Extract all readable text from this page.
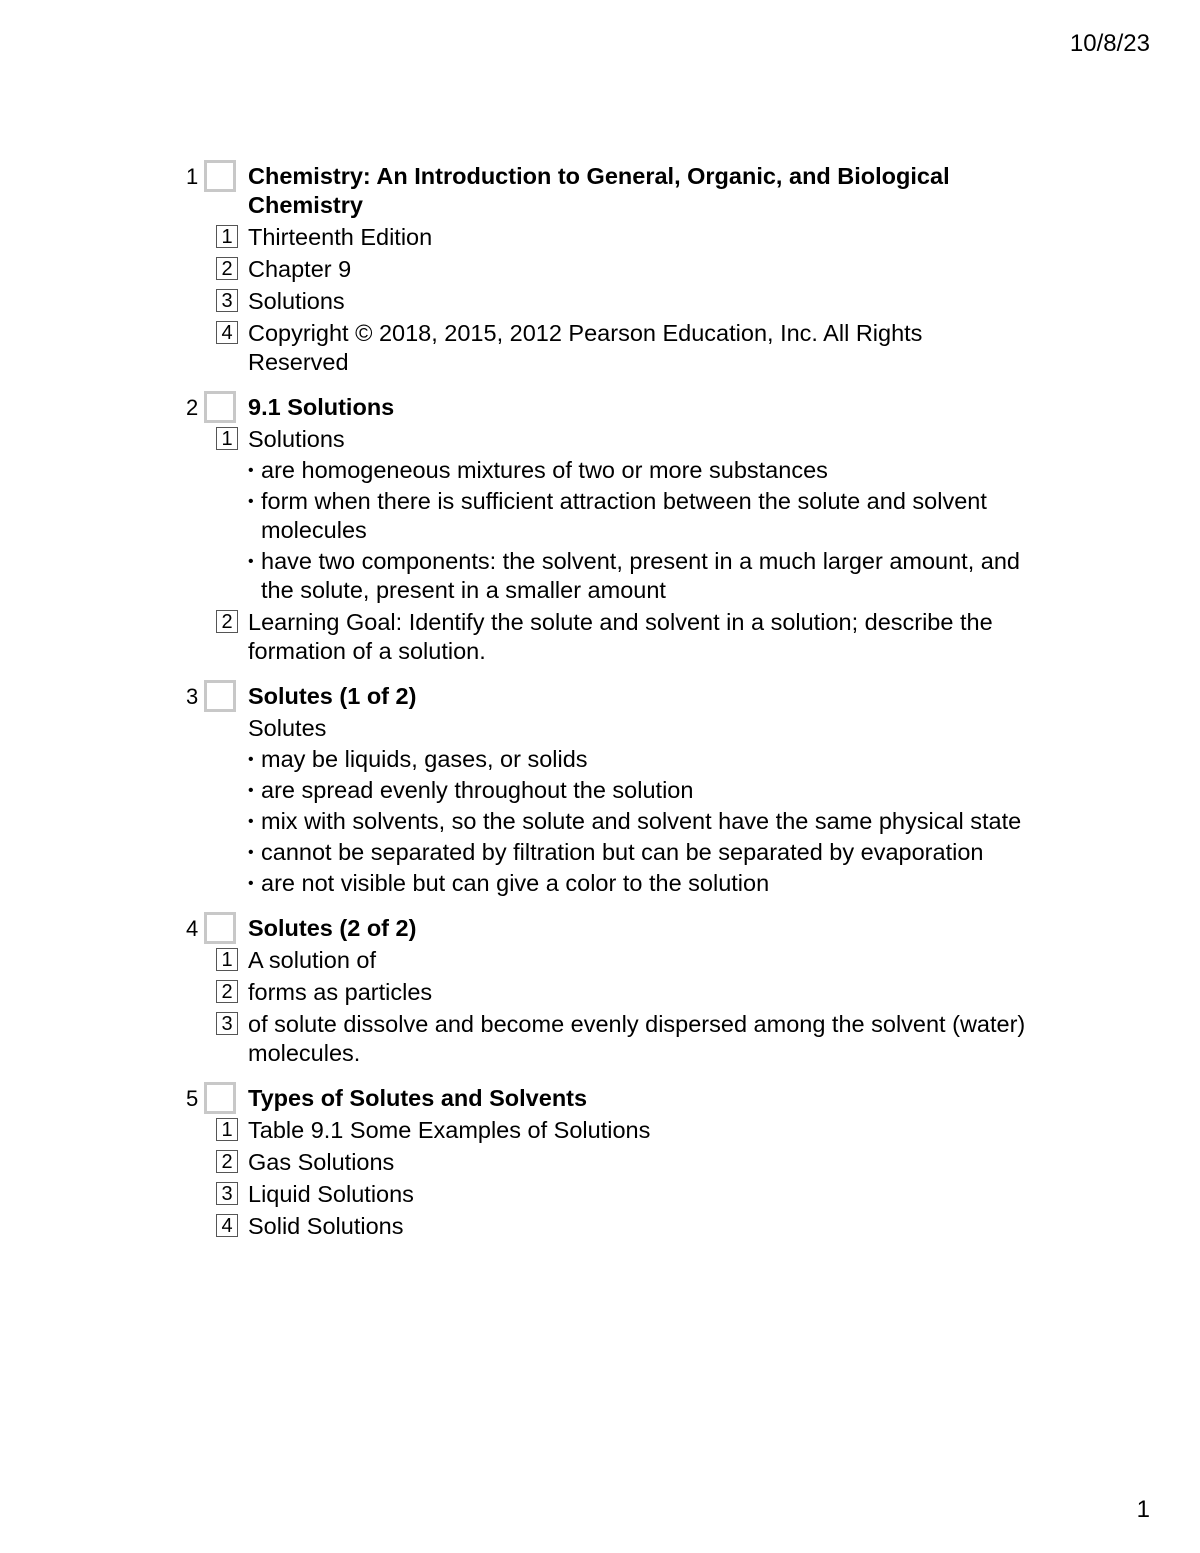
10/8/23
1 Chemistry: An Introduction to General, Organic, and Biological Chemistry
1 Thirteenth Edition
2 Chapter 9
3 Solutions
4 Copyright © 2018, 2015, 2012 Pearson Education, Inc. All Rights Reserved
2 9.1 Solutions
1 Solutions
• are homogeneous mixtures of two or more substances
• form when there is sufficient attraction between the solute and solvent molecules
• have two components: the solvent, present in a much larger amount, and the solute, present in a smaller amount
2 Learning Goal: Identify the solute and solvent in a solution; describe the formation of a solution.
3 Solutes (1 of 2)
Solutes
• may be liquids, gases, or solids
• are spread evenly throughout the solution
• mix with solvents, so the solute and solvent have the same physical state
• cannot be separated by filtration but can be separated by evaporation
• are not visible but can give a color to the solution
4 Solutes (2 of 2)
1 A solution of
2 forms as particles
3 of solute dissolve and become evenly dispersed among the solvent (water) molecules.
5 Types of Solutes and Solvents
1 Table 9.1 Some Examples of Solutions
2 Gas Solutions
3 Liquid Solutions
4 Solid Solutions
1
